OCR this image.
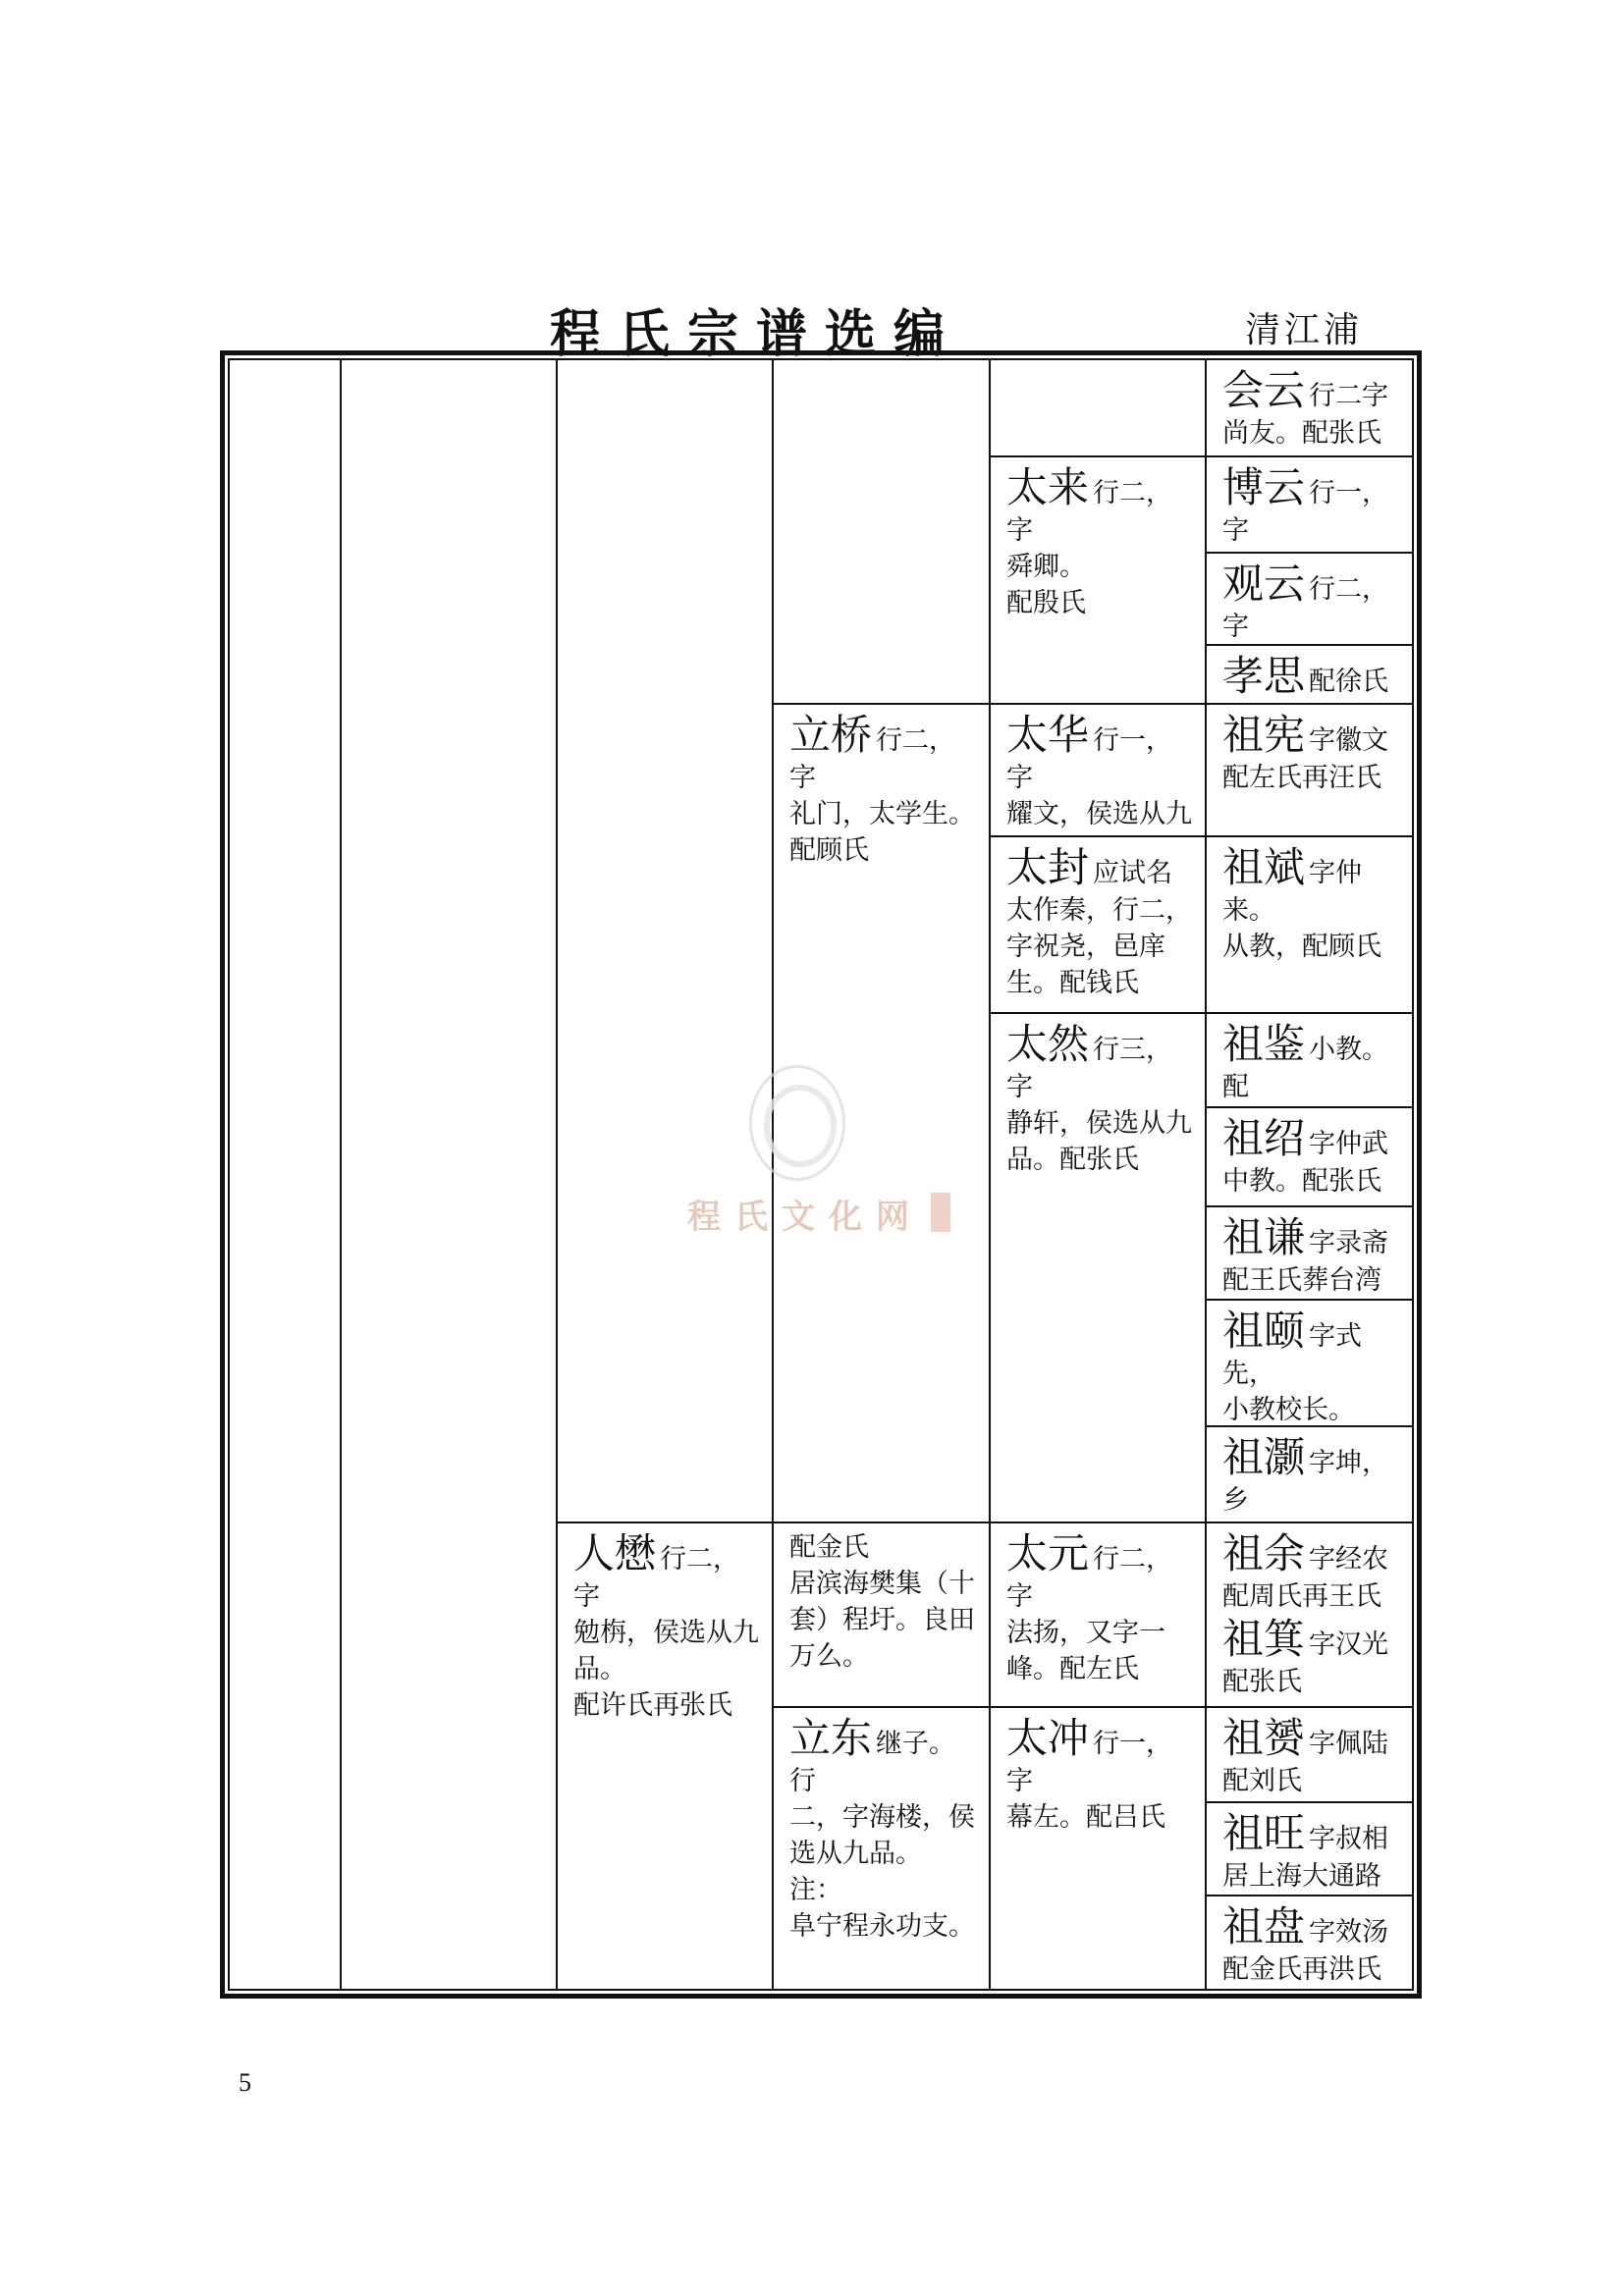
程氏宗谱选编	清江浦
会云 行二字
尚友。配张氏
太来 行二，字
舜卿。
配殷氏
博云 行一，字
观云 行二，字
孝思 配徐氏
立桥 行二，字
礼门，太学生。
配顾氏
太华 行一，字
耀文，侯选从九
祖宪 字徽文
配左氏再汪氏
太封 应试名
太作秦，行二，
字祝尧，邑庠
生。配钱氏
祖斌 字仲来。
从教，配顾氏
太然 行三，字
静轩，侯选从九
品。配张氏
祖鉴 小教。配
祖绍 字仲武
中教。配张氏
祖谦 字录斋
配王氏葬台湾
祖颐 字式先，
小教校长。
祖灏 字坤，乡
人懋 行二，字
勉栴，侯选从九
品。
配许氏再张氏
配金氏
居滨海樊集（十
套）程圩。良田
万么。
太元 行二，字
法扬，又字一
峰。配左氏
祖余 字经农
配周氏再王氏
祖箕 字汉光
配张氏
立东 继子。行
二，字海楼，侯
选从九品。
注：
阜宁程永功支。
太冲 行一，字
幕左。配吕氏
祖赟 字佩陆
配刘氏
祖旺 字叔相
居上海大通路
祖盘 字效汤
配金氏再洪氏
程氏文化网
5
